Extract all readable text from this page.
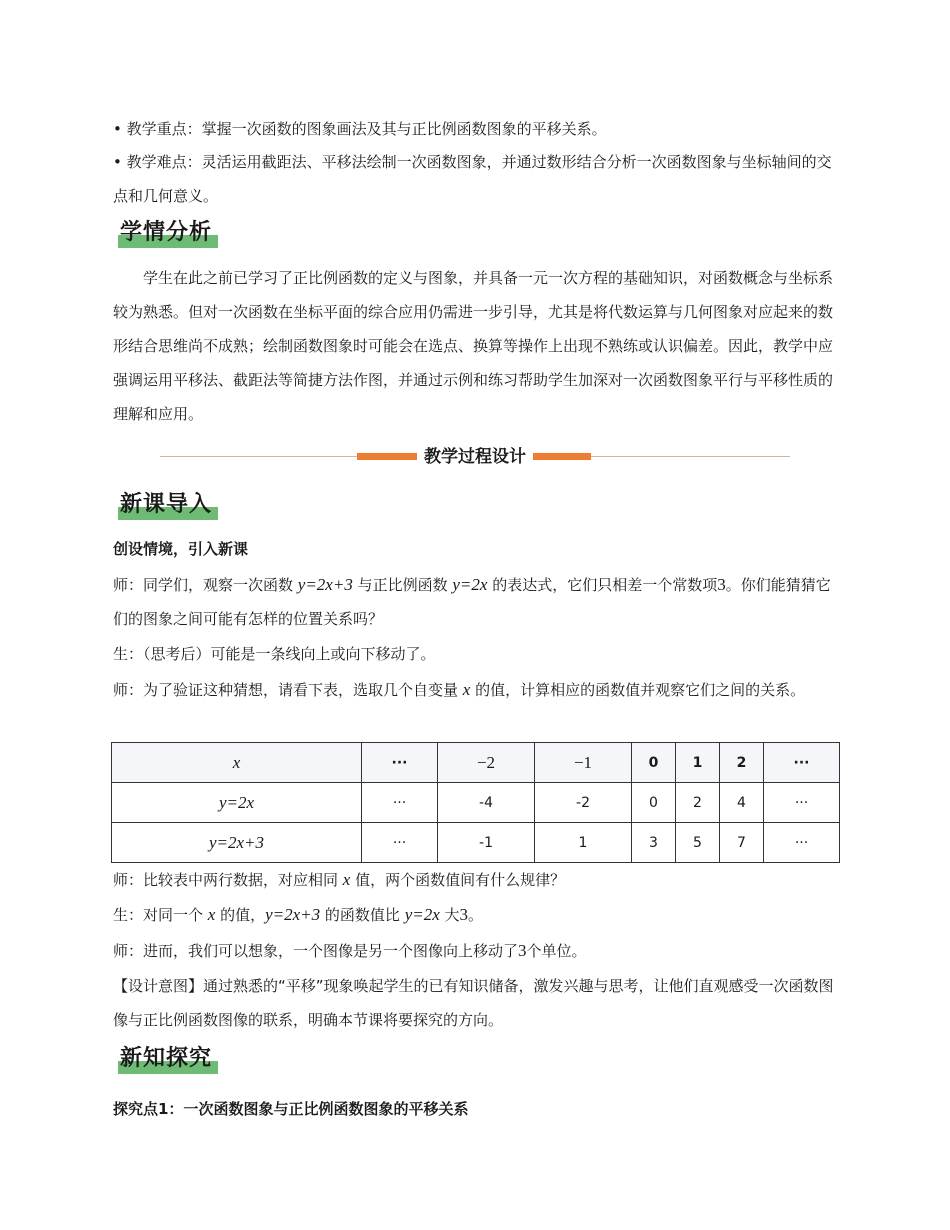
• 教学重点：掌握一次函数的图象画法及其与正比例函数图象的平移关系。

• 教学难点：灵活运用截距法、平移法绘制一次函数图象，并通过数形结合分析一次函数图象与坐标轴间的交点和几何意义。

学情分析

学生在此之前已学习了正比例函数的定义与图象，并具备一元一次方程的基础知识，对函数概念与坐标系较为熟悉。但对一次函数在坐标平面的综合应用仍需进一步引导，尤其是将代数运算与几何图象对应起来的数形结合思维尚不成熟；绘制函数图象时可能会在选点、换算等操作上出现不熟练或认识偏差。因此，教学中应强调运用平移法、截距法等简捷方法作图，并通过示例和练习帮助学生加深对一次函数图象平行与平移性质的理解和应用。

教学过程设计
新课导入

创设情境，引入新课

师：同学们，观察一次函数 y=2x+3 与正比例函数 y=2x 的表达式，它们只相差一个常数项3。你们能猜猜它们的图象之间可能有怎样的位置关系吗？

生：（思考后）可能是一条线向上或向下移动了。

师：为了验证这种猜想，请看下表，选取几个自变量 x 的值，计算相应的函数值并观察它们之间的关系。

x	···	−2	−1	0	1	2	···
y=2x	···	-4	-2	0	2	4	···
y=2x+3	···	-1	1	3	5	7	···

师：比较表中两行数据，对应相同 x 值，两个函数值间有什么规律？

生：对同一个 x 的值，y=2x+3 的函数值比 y=2x 大3。

师：进而，我们可以想象，一个图像是另一个图像向上移动了3个单位。

【设计意图】通过熟悉的“平移”现象唤起学生的已有知识储备，激发兴趣与思考，让他们直观感受一次函数图像与正比例函数图像的联系，明确本节课将要探究的方向。

新知探究

探究点1：一次函数图象与正比例函数图象的平移关系
